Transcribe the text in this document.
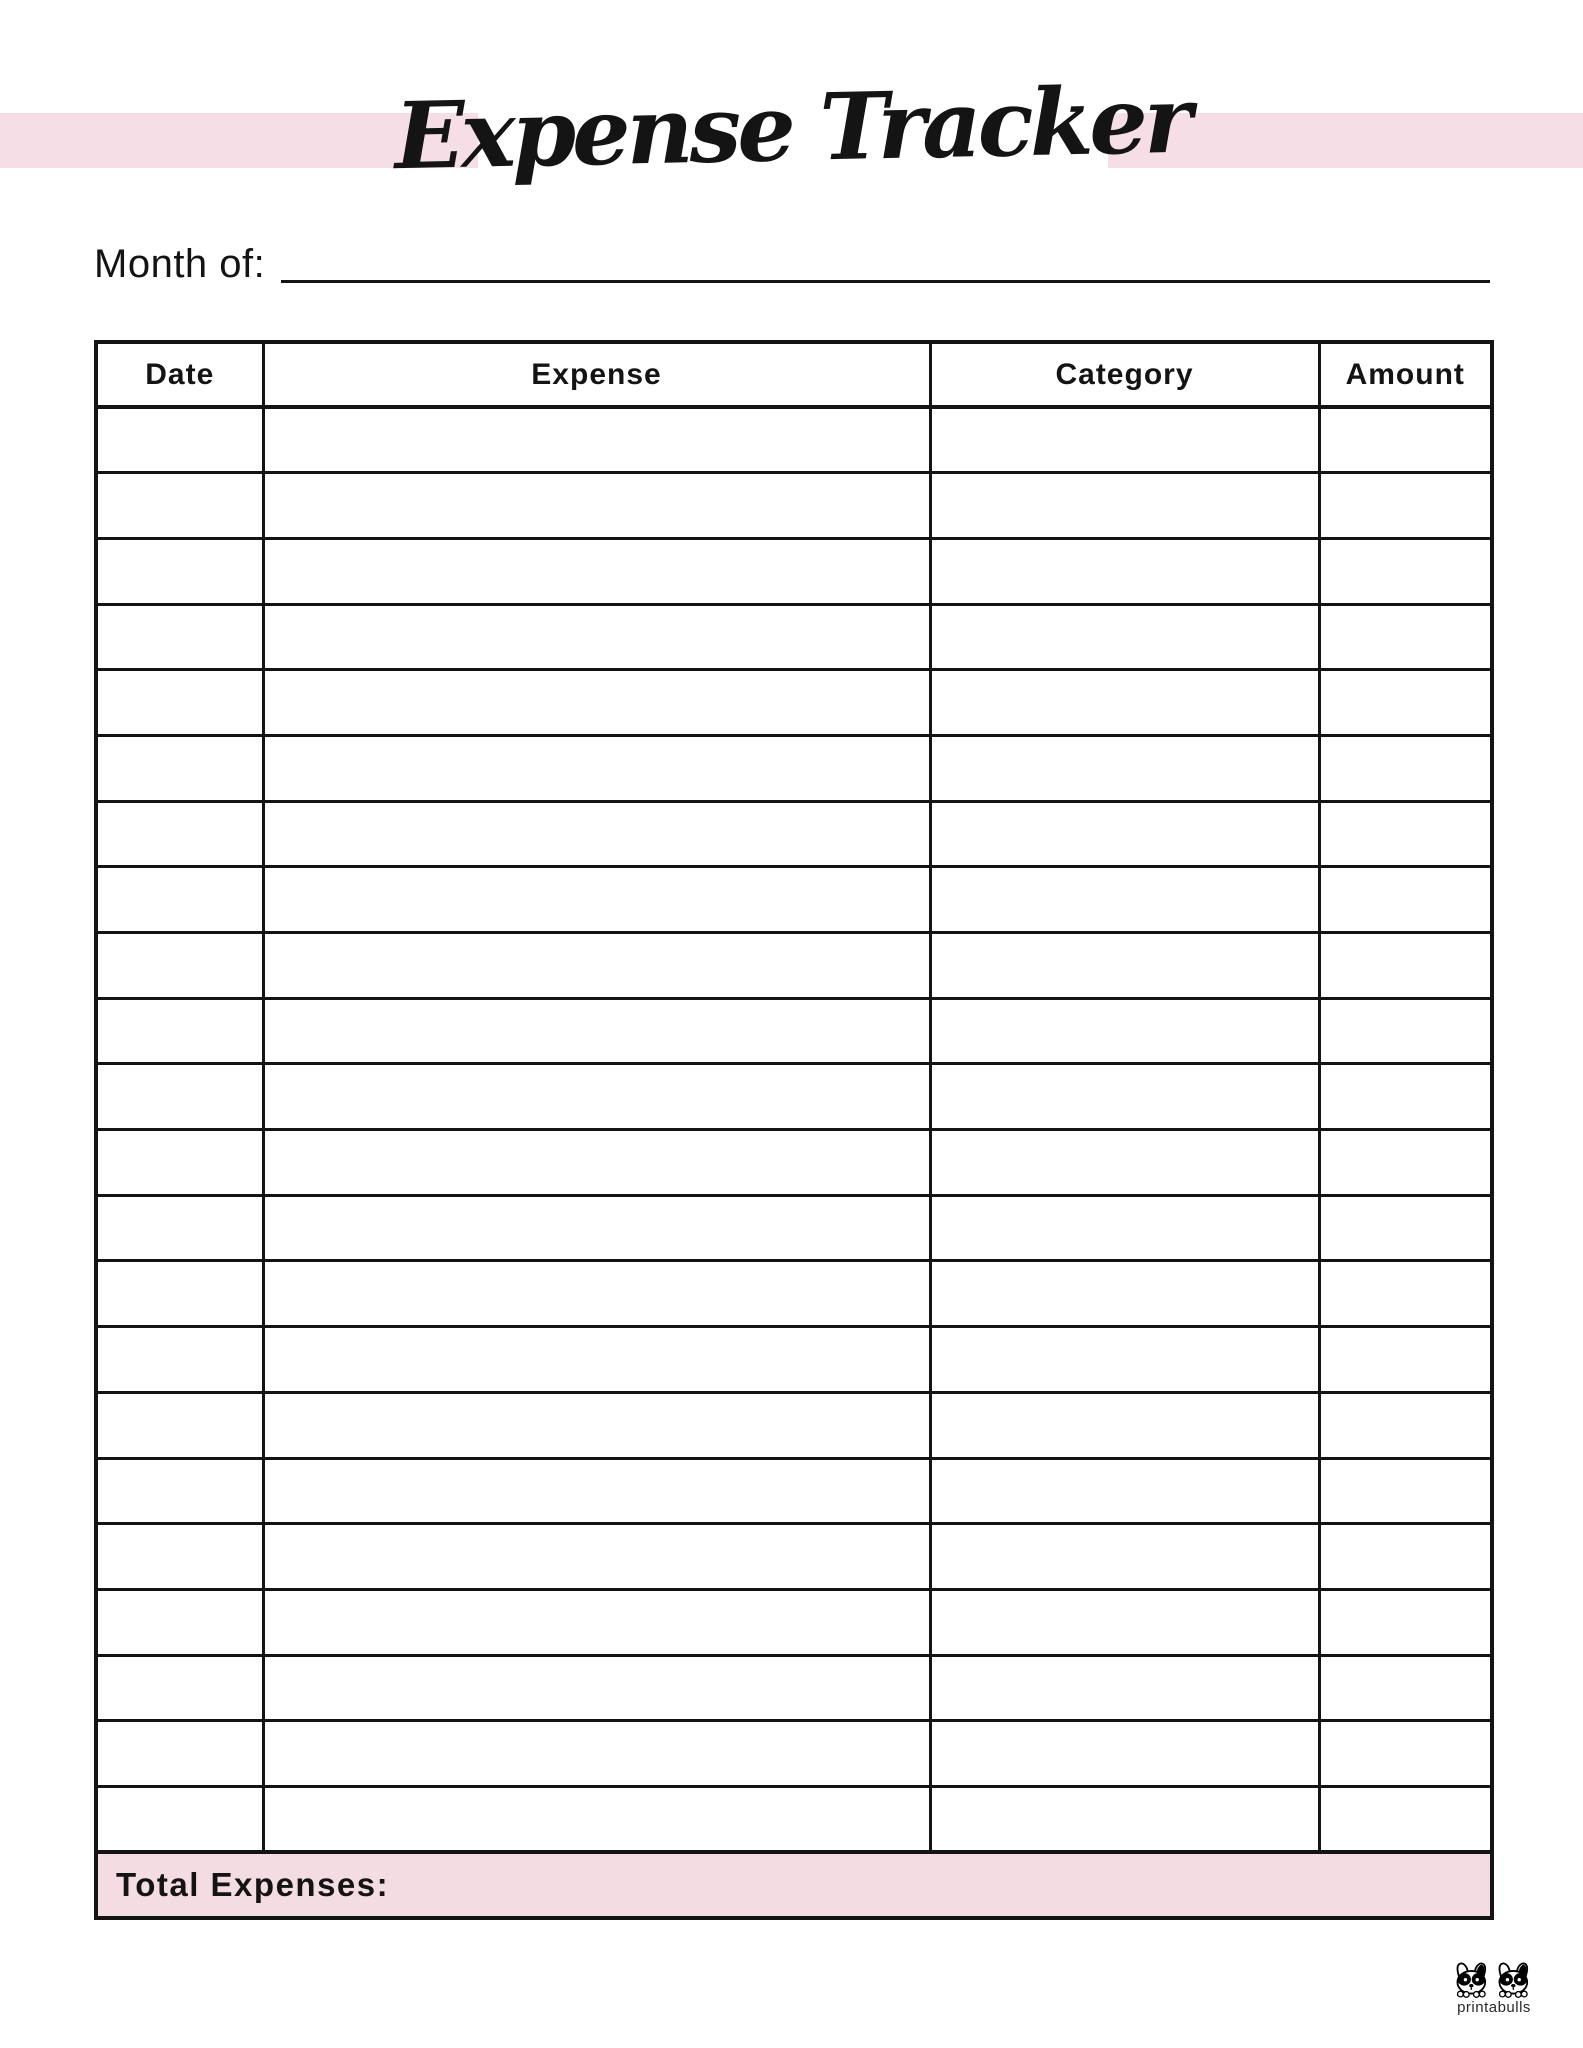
Expense Tracker
Month of:
Date	Expense	Category	Amount

Total Expenses:			
printabulls
